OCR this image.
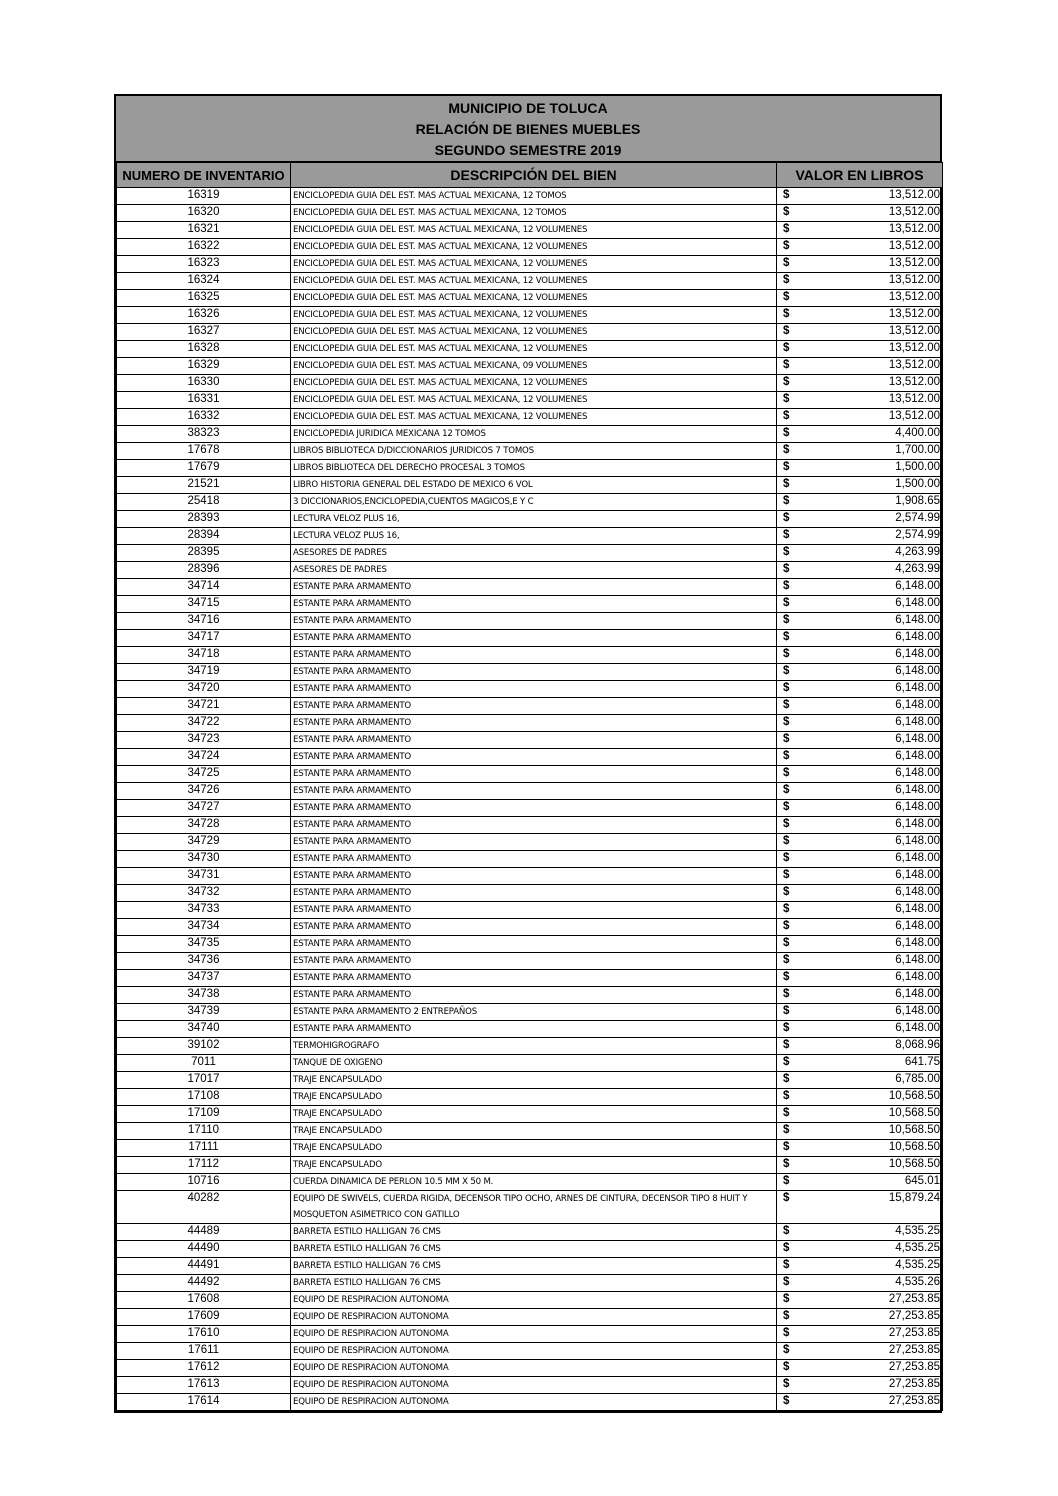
MUNICIPIO DE TOLUCA
RELACIÓN DE BIENES MUEBLES
SEGUNDO SEMESTRE 2019
NUMERO DE INVENTARIO	DESCRIPCIÓN DEL BIEN	VALOR EN LIBROS
16319	ENCICLOPEDIA GUIA DEL EST. MAS ACTUAL MEXICANA, 12 TOMOS	$ 13,512.00

16320	ENCICLOPEDIA GUIA DEL EST. MAS ACTUAL MEXICANA, 12 TOMOS	$ 13,512.00

16321	ENCICLOPEDIA GUIA DEL EST. MAS ACTUAL MEXICANA, 12 VOLUMENES	$ 13,512.00

16322	ENCICLOPEDIA GUIA DEL EST. MAS ACTUAL MEXICANA, 12 VOLUMENES	$ 13,512.00

16323	ENCICLOPEDIA GUIA DEL EST. MAS ACTUAL MEXICANA, 12 VOLUMENES	$ 13,512.00

16324	ENCICLOPEDIA GUIA DEL EST. MAS ACTUAL MEXICANA, 12 VOLUMENES	$ 13,512.00

16325	ENCICLOPEDIA GUIA DEL EST. MAS ACTUAL MEXICANA, 12 VOLUMENES	$ 13,512.00

16326	ENCICLOPEDIA GUIA DEL EST. MAS ACTUAL MEXICANA, 12 VOLUMENES	$ 13,512.00

16327	ENCICLOPEDIA GUIA DEL EST. MAS ACTUAL MEXICANA, 12 VOLUMENES	$ 13,512.00

16328	ENCICLOPEDIA GUIA DEL EST. MAS ACTUAL MEXICANA, 12 VOLUMENES	$ 13,512.00

16329	ENCICLOPEDIA GUIA DEL EST. MAS ACTUAL MEXICANA, 09 VOLUMENES	$ 13,512.00

16330	ENCICLOPEDIA GUIA DEL EST. MAS ACTUAL MEXICANA, 12 VOLUMENES	$ 13,512.00

16331	ENCICLOPEDIA GUIA DEL EST. MAS ACTUAL MEXICANA, 12 VOLUMENES	$ 13,512.00

16332	ENCICLOPEDIA GUIA DEL EST. MAS ACTUAL MEXICANA, 12 VOLUMENES	$ 13,512.00

38323	ENCICLOPEDIA JURIDICA MEXICANA 12 TOMOS	$ 4,400.00

17678	LIBROS BIBLIOTECA D/DICCIONARIOS JURIDICOS 7 TOMOS	$ 1,700.00

17679	LIBROS BIBLIOTECA DEL DERECHO PROCESAL 3 TOMOS	$ 1,500.00

21521	LIBRO HISTORIA GENERAL DEL ESTADO DE MEXICO 6 VOL	$ 1,500.00

25418	3 DICCIONARIOS,ENCICLOPEDIA,CUENTOS MAGICOS,E Y C	$ 1,908.65

28393	LECTURA VELOZ PLUS 16,	$ 2,574.99

28394	LECTURA VELOZ PLUS 16,	$ 2,574.99

28395	ASESORES DE PADRES	$ 4,263.99

28396	ASESORES DE PADRES	$ 4,263.99

34714	ESTANTE PARA ARMAMENTO	$ 6,148.00

34715	ESTANTE PARA ARMAMENTO	$ 6,148.00

34716	ESTANTE PARA ARMAMENTO	$ 6,148.00

34717	ESTANTE PARA ARMAMENTO	$ 6,148.00

34718	ESTANTE PARA ARMAMENTO	$ 6,148.00

34719	ESTANTE PARA ARMAMENTO	$ 6,148.00

34720	ESTANTE PARA ARMAMENTO	$ 6,148.00

34721	ESTANTE PARA ARMAMENTO	$ 6,148.00

34722	ESTANTE PARA ARMAMENTO	$ 6,148.00

34723	ESTANTE PARA ARMAMENTO	$ 6,148.00

34724	ESTANTE PARA ARMAMENTO	$ 6,148.00

34725	ESTANTE PARA ARMAMENTO	$ 6,148.00

34726	ESTANTE PARA ARMAMENTO	$ 6,148.00

34727	ESTANTE PARA ARMAMENTO	$ 6,148.00

34728	ESTANTE PARA ARMAMENTO	$ 6,148.00

34729	ESTANTE PARA ARMAMENTO	$ 6,148.00

34730	ESTANTE PARA ARMAMENTO	$ 6,148.00

34731	ESTANTE PARA ARMAMENTO	$ 6,148.00

34732	ESTANTE PARA ARMAMENTO	$ 6,148.00

34733	ESTANTE PARA ARMAMENTO	$ 6,148.00

34734	ESTANTE PARA ARMAMENTO	$ 6,148.00

34735	ESTANTE PARA ARMAMENTO	$ 6,148.00

34736	ESTANTE PARA ARMAMENTO	$ 6,148.00

34737	ESTANTE PARA ARMAMENTO	$ 6,148.00

34738	ESTANTE PARA ARMAMENTO	$ 6,148.00

34739	ESTANTE PARA ARMAMENTO 2 ENTREPAÑOS	$ 6,148.00

34740	ESTANTE PARA ARMAMENTO	$ 6,148.00

39102	TERMOHIGROGRAFO	$ 8,068.96

7011	TANQUE DE OXIGENO	$ 641.75

17017	TRAJE ENCAPSULADO	$ 6,785.00

17108	TRAJE ENCAPSULADO	$ 10,568.50

17109	TRAJE ENCAPSULADO	$ 10,568.50

17110	TRAJE ENCAPSULADO	$ 10,568.50

17111	TRAJE ENCAPSULADO	$ 10,568.50

17112	TRAJE ENCAPSULADO	$ 10,568.50

10716	CUERDA DINAMICA DE PERLON 10.5 MM X 50 M.	$ 645.01

40282	EQUIPO DE SWIVELS, CUERDA RIGIDA, DECENSOR TIPO OCHO, ARNES DE CINTURA, DECENSOR TIPO 8 HUIT Y MOSQUETON ASIMETRICO CON GATILLO	$ 15,879.24

44489	BARRETA ESTILO HALLIGAN 76 CMS	$ 4,535.25

44490	BARRETA ESTILO HALLIGAN 76 CMS	$ 4,535.25

44491	BARRETA ESTILO HALLIGAN 76 CMS	$ 4,535.25

44492	BARRETA ESTILO HALLIGAN 76 CMS	$ 4,535.26

17608	EQUIPO DE RESPIRACION AUTONOMA	$ 27,253.85

17609	EQUIPO DE RESPIRACION AUTONOMA	$ 27,253.85

17610	EQUIPO DE RESPIRACION AUTONOMA	$ 27,253.85

17611	EQUIPO DE RESPIRACION AUTONOMA	$ 27,253.85

17612	EQUIPO DE RESPIRACION AUTONOMA	$ 27,253.85

17613	EQUIPO DE RESPIRACION AUTONOMA	$ 27,253.85

17614	EQUIPO DE RESPIRACION AUTONOMA	$ 27,253.85
